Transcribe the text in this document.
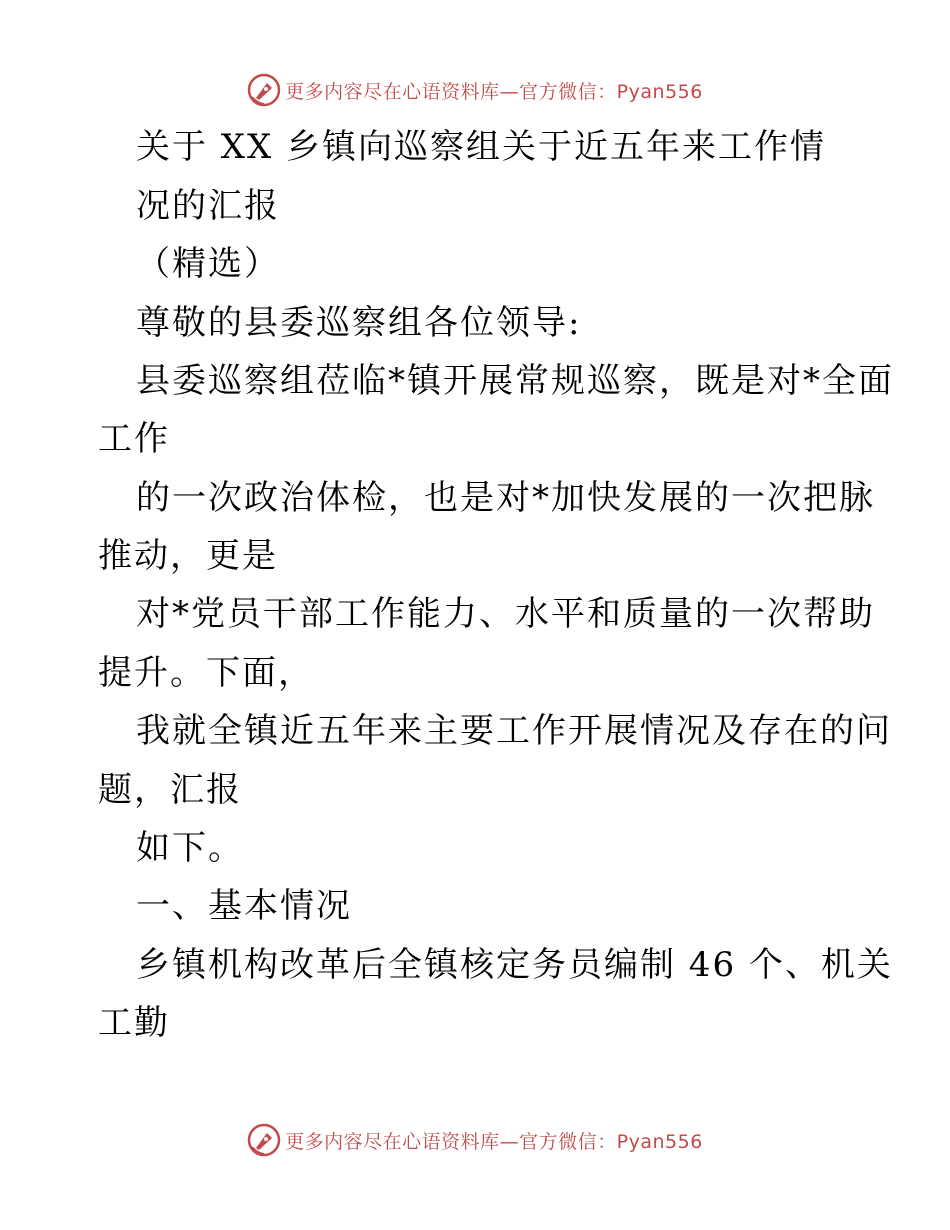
更多内容尽在心语资料库—官方微信：Pyan556
关于 XX 乡镇向巡察组关于近五年来工作情
况的汇报
（精选）
尊敬的县委巡察组各位领导:
县委巡察组莅临*镇开展常规巡察，既是对*全面
工作
的一次政治体检，也是对*加快发展的一次把脉
推动，更是
对*党员干部工作能力、水平和质量的一次帮助
提升。下面，
我就全镇近五年来主要工作开展情况及存在的问
题，汇报
如下。
一、基本情况
乡镇机构改革后全镇核定务员编制 46 个、机关
工勤
更多内容尽在心语资料库—官方微信：Pyan556
